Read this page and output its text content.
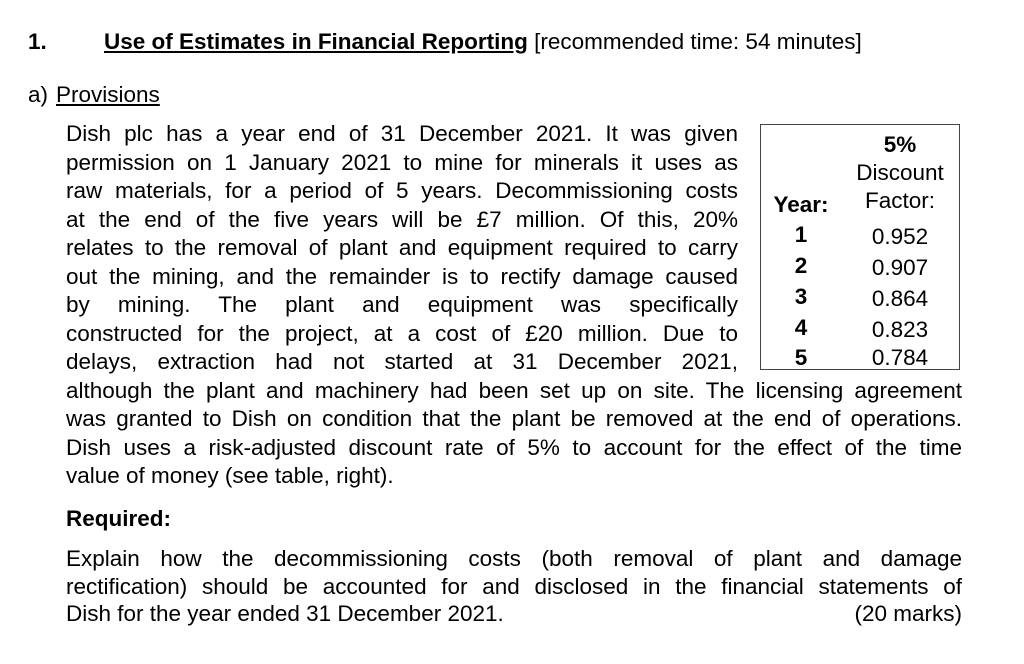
1.	Use of Estimates in Financial Reporting [recommended time: 54 minutes]
a) Provisions
Dish plc has a year end of 31 December 2021. It was given
permission on 1 January 2021 to mine for minerals it uses as
raw materials, for a period of 5 years. Decommissioning costs
at the end of the five years will be £7 million. Of this, 20%
relates to the removal of plant and equipment required to carry
out the mining, and the remainder is to rectify damage caused
by mining. The plant and equipment was specifically
constructed for the project, at a cost of £20 million. Due to
delays, extraction had not started at 31 December 2021,
although the plant and machinery had been set up on site. The licensing agreement
was granted to Dish on condition that the plant be removed at the end of operations.
Dish uses a risk-adjusted discount rate of 5% to account for the effect of the time
value of money (see table, right).
5%
Discount
Year:	Factor:
1	0.952
2	0.907
3	0.864
4	0.823
5	0.784
Required:
Explain how the decommissioning costs (both removal of plant and damage
rectification) should be accounted for and disclosed in the financial statements of
Dish for the year ended 31 December 2021.	(20 marks)
